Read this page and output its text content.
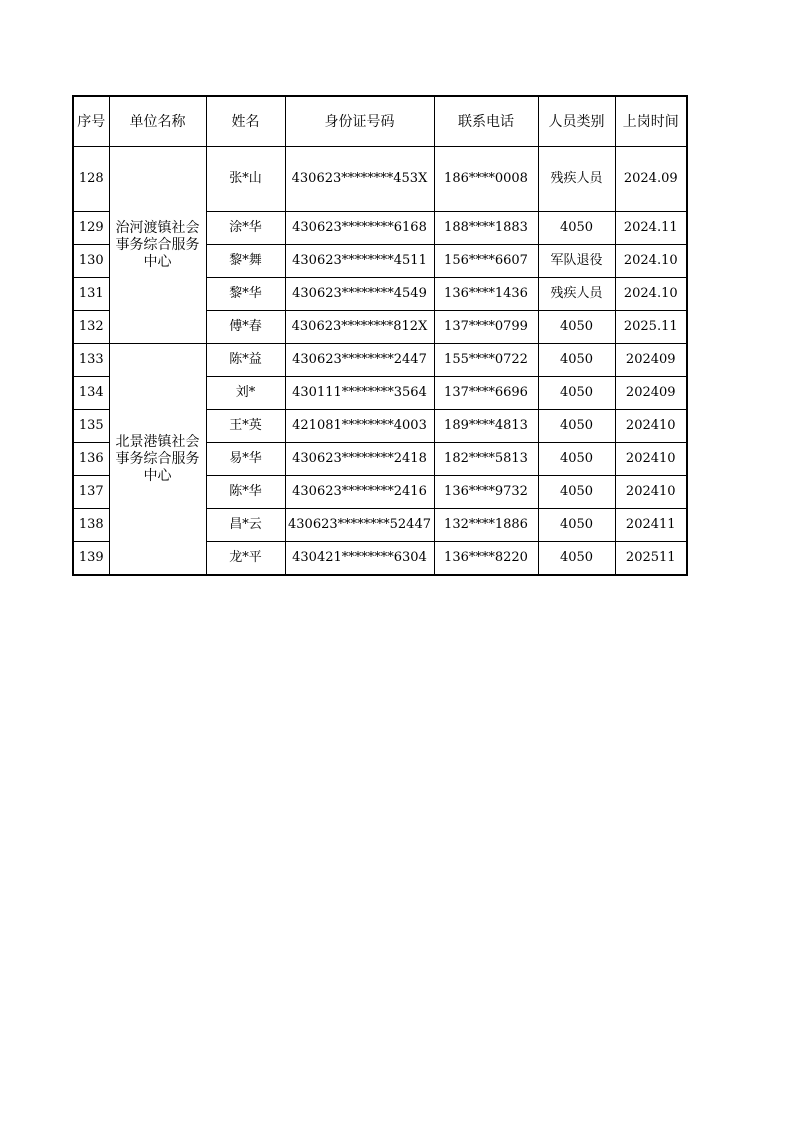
序号	单位名称	姓名	身份证号码	联系电话	人员类别	上岗时间
128	治河渡镇社会事务综合服务中心	张*山	430623********453X	186****0008	残疾人员	2024.09
129		涂*华	430623********6168	188****1883	4050	2024.11
130		黎*舞	430623********4511	156****6607	军队退役	2024.10
131		黎*华	430623********4549	136****1436	残疾人员	2024.10
132		傅*春	430623********812X	137****0799	4050	2025.11
133	北景港镇社会事务综合服务中心	陈*益	430623********2447	155****0722	4050	202409
134		刘*	430111********3564	137****6696	4050	202409
135		王*英	421081********4003	189****4813	4050	202410
136		易*华	430623********2418	182****5813	4050	202410
137		陈*华	430623********2416	136****9732	4050	202410
138		昌*云	430623********52447	132****1886	4050	202411
139		龙*平	430421********6304	136****8220	4050	202511
